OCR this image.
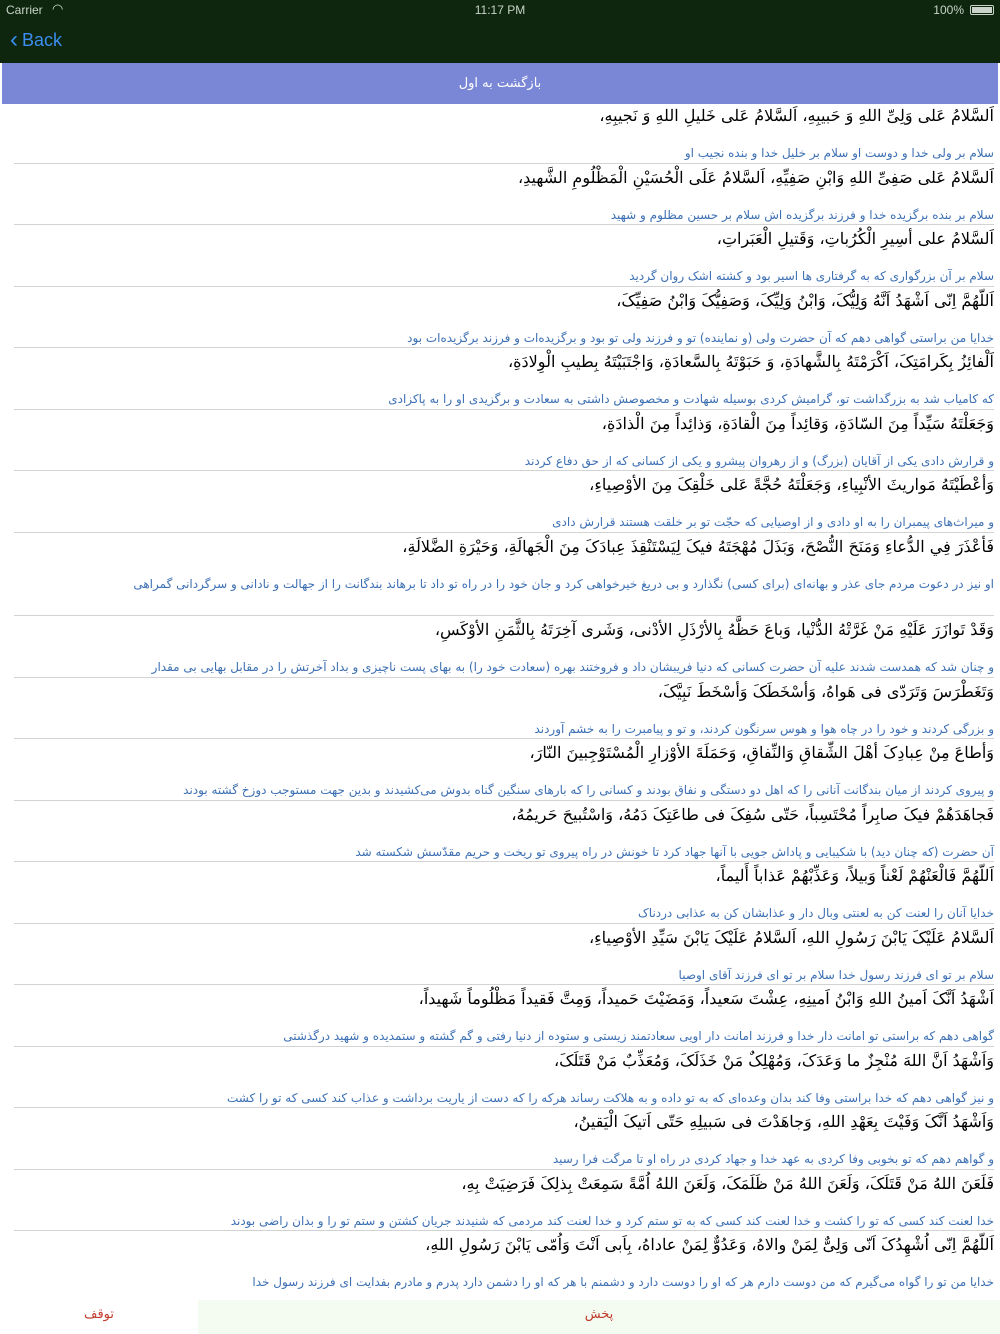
Carrier ◠	11:17 PM	100%
‹ Back
بازگشت به اول
اَلسَّلامُ عَلی وَلِیِّ اللهِ وَ حَبیبِهِ، اَلسَّلامُ عَلی خَلیلِ اللهِ وَ نَجیبِهِ،
سلام بر ولی خدا و دوست او سلام بر خلیل خدا و بنده نجیب او
اَلسَّلامُ عَلی صَفِیِّ اللهِ وَابْنِ صَفِیِّهِ، اَلسَّلامُ عَلَی الْحُسَیْنِ الْمَظْلُومِ الشَّهیدِ،
سلام بر بنده برگزیده خدا و فرزند برگزیده اش سلام بر حسین مظلوم و شهید
اَلسَّلامُ علی أسِیرِ الْکُرُباتِ، وَقَتیلِ الْعَبَراتِ،
سلام بر آن بزرگواری که به گرفتاری ها اسیر بود و کشته اشک روان گردید
اَللّهُمَّ اِنّی اَشْهَدُ اَنَّهُ وَلِیُّکَ، وَابْنُ وَلِیِّکَ، وَصَفِیُّکَ وَابْنُ صَفِیِّکَ،
خدایا من براستی گواهی دهم که آن حضرت ولی (و نماینده) تو و فرزند ولی تو بود و برگزیده‌ات و فرزند برگزیده‌ات بود
اَلْفائِزُ بِکَرامَتِکَ، اَکْرَمْتَهُ بِالشَّهادَةِ، وَ حَبَوْتَهُ بِالسَّعادَةِ، وَاجْتَبَیْتَهُ بِطیبِ الْوِلادَةِ،
که کامیاب شد به بزرگداشت تو، گرامیش کردی بوسیله شهادت و مخصوصش داشتی به سعادت و برگزیدی او را به پاکزادی
وَجَعَلْتَهُ سَیِّداً مِنَ السّادَةِ، وَقائِداً مِنَ الْقادَةِ، وَذائِداً مِنَ الْذادَةِ،
و قرارش دادی یکی از آقایان (بزرگ) و از رهروان پیشرو و یکی از کسانی که از حق دفاع کردند
وَأعْطَیْتَهُ مَواریثَ الأنْبِیاءِ، وَجَعَلْتَهُ حُجَّةً عَلی خَلْقِکَ مِنَ الأوْصِیاءِ،
و میراث‌های پیمبران را به او دادی و از اوصیایی که حجّت تو بر خلقت هستند قرارش دادی
فَأعْذَرَ فِي الدُّعاءِ وَمَنَحَ النُّصْحَ، وَبَذَلَ مُهْجَتَهُ فیکَ لِیَسْتَنْقِذَ عِبادَکَ مِنَ الْجَهالَةِ، وَحَیْرَةِ الضَّلالَةِ،
او نیز در دعوت مردم جای عذر و بهانه‌ای (برای کسی) نگذارد و بی دریغ خیرخواهی کرد و جان خود را در راه تو داد تا برهاند بندگانت را از جهالت و نادانی و سرگردانی گمراهی
وَقَدْ تَوازَرَ عَلَیْهِ مَنْ غَرَّتْهُ الدُّنْیا، وَباعَ حَظَّهُ بِالأرْذَلِ الأدْنی، وَشَری آخِرَتَهُ بِالثَّمَنِ الأوْکَسِ،
و چنان شد که همدست شدند علیه آن حضرت کسانی که دنیا فریبشان داد و فروختند بهره (سعادت خود را) به بهای پست ناچیزی و بداد آخرتش را در مقابل بهایی بی مقدار
وَتَغَطْرَسَ وَتَرَدّی فی هَواهُ، وَأسْخَطَکَ وَأسْخَطَ نَبِیَّکَ،
و بزرگی کردند و خود را در چاه هوا و هوس سرنگون کردند، و تو و پیامبرت را به خشم آوردند
وَأطاعَ مِنْ عِبادِکَ أهْلَ الشِّقاقِ وَالنِّفاقِ، وَحَمَلَةَ الأوْزارِ الْمُسْتَوْجِبینَ النّارَ،
و پیروی کردند از میان بندگانت آنانی را که اهل دو دستگی و نفاق بودند و کسانی را که بارهای سنگین گناه بدوش می‌کشیدند و بدین جهت مستوجب دوزخ گشته بودند
فَجاهَدَهُمْ فیکَ صابِراً مُحْتَسِباً، حَتّی سُفِکَ فی طاعَتِکَ دَمُهُ، وَاسْتُبیحَ حَریمُهُ،
آن حضرت (که چنان دید) با شکیبایی و پاداش جویی با آنها جهاد کرد تا خونش در راه پیروی تو ریخت و حریم مقدّسش شکسته شد
اَللّهُمَّ فَالْعَنْهُمْ لَعْناً وَبیلاً، وَعَذِّبْهُمْ عَذاباً أَلیماً،
خدایا آنان را لعنت کن به لعنتی وبال دار و عذابشان کن به عذابی دردناک
اَلسَّلامُ عَلَیْکَ یَابْنَ رَسُولِ اللهِ، اَلسَّلامُ عَلَیْکَ یَابْنَ سَیِّدِ الأوْصِیاءِ،
سلام بر تو ای فرزند رسول خدا سلام بر تو ای فرزند آقای اوصیا
اَشْهَدُ اَنَّکَ اَمینُ اللهِ وَابْنُ اَمینِهِ، عِشْتَ سَعیداً، وَمَضَیْتَ حَمیداً، وَمِتَّ فَقیداً مَظْلُوماً شَهیداً،
گواهی دهم که براستی تو امانت دار خدا و فرزند امانت دار اویی سعادتمند زیستی و ستوده از دنیا رفتی و گم گشته و ستمدیده و شهید درگذشتی
وَاَشْهَدُ اَنَّ اللهَ مُنْجِزٌ ما وَعَدَکَ، وَمُهْلِکٌ مَنْ خَذَلَکَ، وَمُعَذِّبٌ مَنْ قَتَلَکَ،
و نیز گواهی دهم که خدا براستی وفا کند بدان وعده‌ای که به تو داده و به هلاکت رساند هرکه را که دست از یاریت برداشت و عذاب کند کسی که تو را کشت
وَاَشْهَدُ اَنَّکَ وَفَیْتَ بِعَهْدِ اللهِ، وَجاهَدْتَ فی سَبیلِهِ حَتّی اَتیکَ الْیَقینُ،
و گواهم دهم که تو بخوبی وفا کردی به عهد خدا و جهاد کردی در راه او تا مرگت فرا رسید
فَلَعَنَ اللهُ مَنْ قَتَلَکَ، وَلَعَنَ اللهُ مَنْ ظَلَمَکَ، وَلَعَنَ اللهُ اُمَّةً سَمِعَتْ بِذلِکَ فَرَضِیَتْ بِهِ،
خدا لعنت کند کسی که تو را کشت و خدا لعنت کند کسی که به تو ستم کرد و خدا لعنت کند مردمی که شنیدند جریان کشتن و ستم تو را و بدان راضی بودند
اَللّهُمَّ اِنّی اُشْهِدُکَ اَنّی وَلِیٌّ لِمَنْ والاهُ، وَعَدُوٌّ لِمَنْ عاداهُ، بِاَبی اَنْتَ وَاُمّی یَابْنَ رَسُولِ اللهِ،
خدایا من تو را گواه می‌گیرم که من دوست دارم هر که او را دوست دارد و دشمنم با هر که او را دشمن دارد پدرم و مادرم بفدایت ای فرزند رسول خدا
توقف	پخش
